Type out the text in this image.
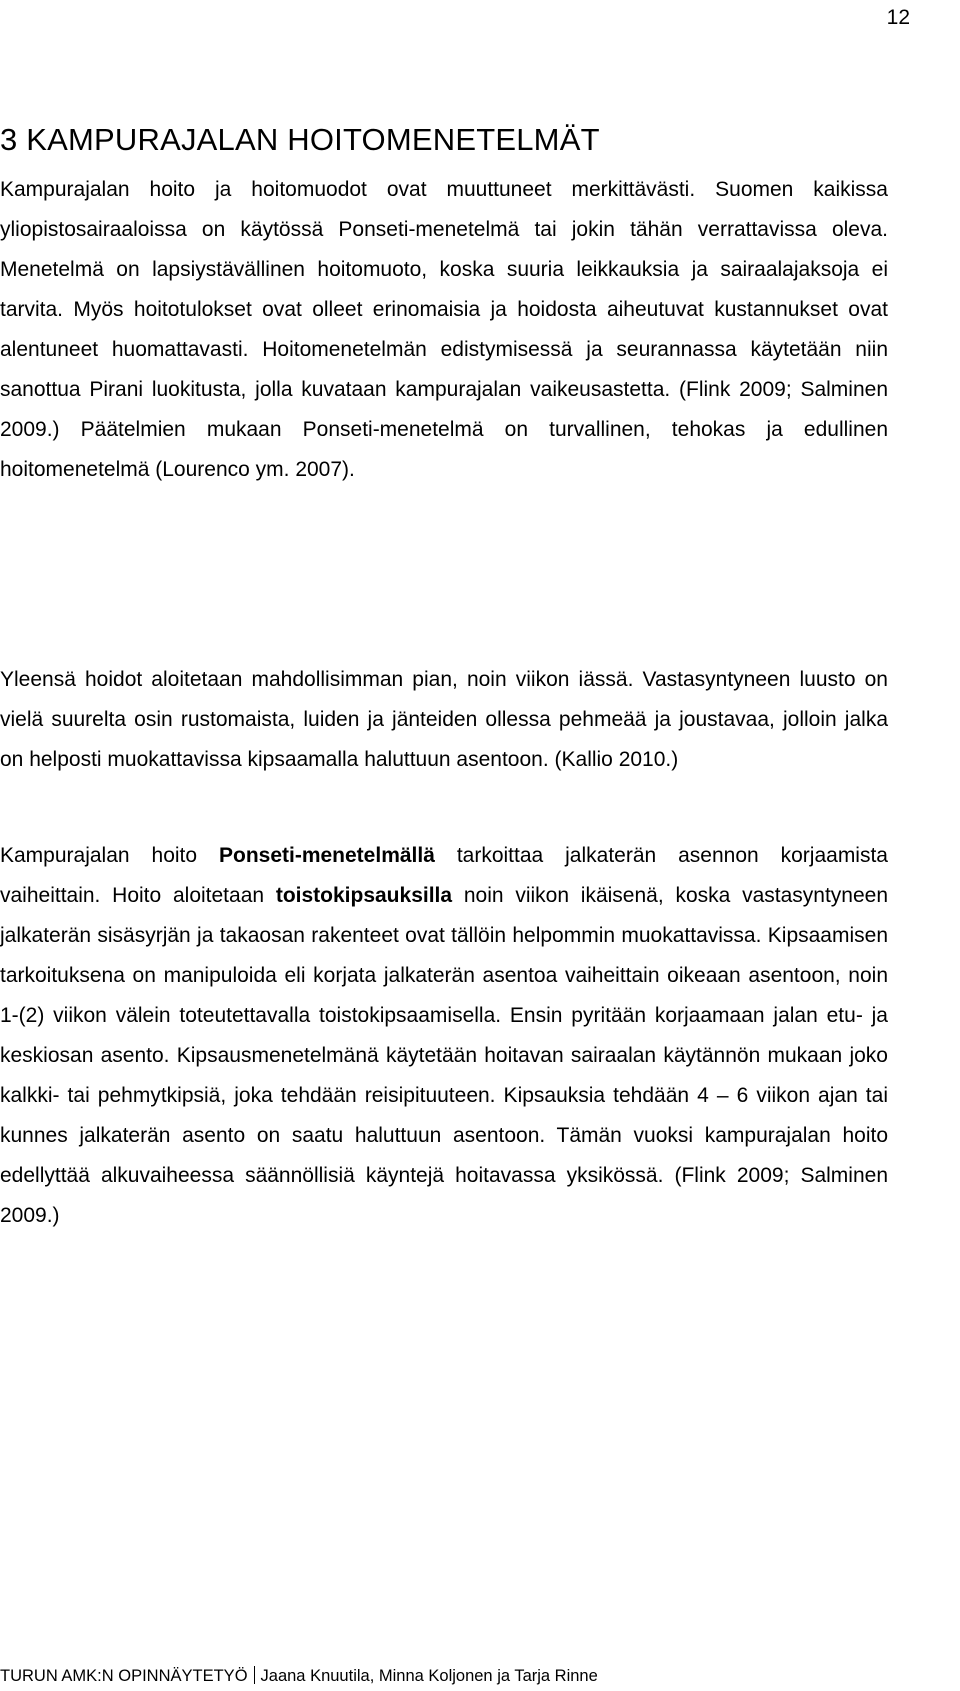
12
3 KAMPURAJALAN HOITOMENETELMÄT

Kampurajalan hoito ja hoitomuodot ovat muuttuneet merkittävästi. Suomen kaikissa yliopistosairaaloissa on käytössä Ponseti-menetelmä tai jokin tähän verrattavissa oleva. Menetelmä on lapsiystävällinen hoitomuoto, koska suuria leikkauksia ja sairaalajaksoja ei tarvita. Myös hoitotulokset ovat olleet erinomaisia ja hoidosta aiheutuvat kustannukset ovat alentuneet huomattavasti. Hoitomenetelmän edistymisessä ja seurannassa käytetään niin sanottua Pirani luokitusta, jolla kuvataan kampurajalan vaikeusastetta. (Flink 2009; Salminen 2009.) Päätelmien mukaan Ponseti-menetelmä on turvallinen, tehokas ja edullinen hoitomenetelmä (Lourenco ym. 2007).

Yleensä hoidot aloitetaan mahdollisimman pian, noin viikon iässä. Vastasyntyneen luusto on vielä suurelta osin rustomaista, luiden ja jänteiden ollessa pehmeää ja joustavaa, jolloin jalka on helposti muokattavissa kipsaamalla haluttuun asentoon. (Kallio 2010.)

Kampurajalan hoito Ponseti-menetelmällä tarkoittaa jalkaterän asennon korjaamista vaiheittain. Hoito aloitetaan toistokipsauksilla noin viikon ikäisenä, koska vastasyntyneen jalkaterän sisäsyrjän ja takaosan rakenteet ovat tällöin helpommin muokattavissa. Kipsaamisen tarkoituksena on manipuloida eli korjata jalkaterän asentoa vaiheittain oikeaan asentoon, noin 1-(2) viikon välein toteutettavalla toistokipsaamisella. Ensin pyritään korjaamaan jalan etu- ja keskiosan asento. Kipsausmenetelmänä käytetään hoitavan sairaalan käytännön mukaan joko kalkki- tai pehmytkipsiä, joka tehdään reisipituuteen. Kipsauksia tehdään 4 – 6 viikon ajan tai kunnes jalkaterän asento on saatu haluttuun asentoon. Tämän vuoksi kampurajalan hoito edellyttää alkuvaiheessa säännöllisiä käyntejä hoitavassa yksikössä. (Flink 2009; Salminen 2009.)

TURUN AMK:N OPINNÄYTETYÖ Jaana Knuutila, Minna Koljonen ja Tarja Rinne
